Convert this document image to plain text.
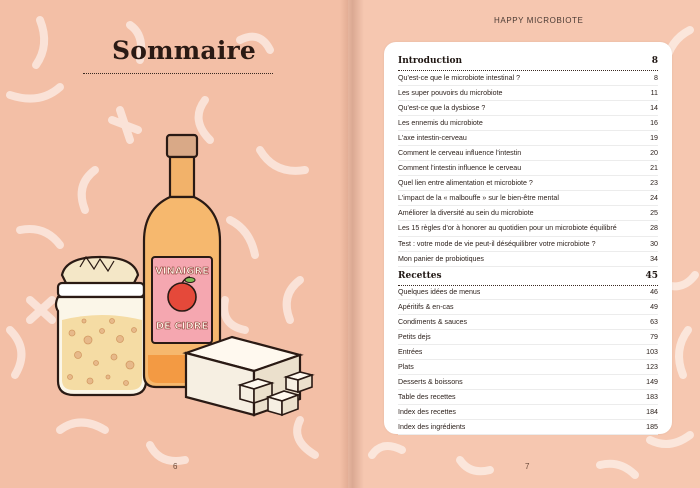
Sommaire
VINAIGRE
DE CIDRE
6
HAPPY MICROBIOTE
Introduction	8
Qu'est-ce que le microbiote intestinal ?	8
Les super pouvoirs du microbiote	11
Qu'est-ce que la dysbiose ?	14
Les ennemis du microbiote	16
L'axe intestin-cerveau	19
Comment le cerveau influence l'intestin	20
Comment l'intestin influence le cerveau	21
Quel lien entre alimentation et microbiote ?	23
L'impact de la « malbouffe » sur le bien-être mental	24
Améliorer la diversité au sein du microbiote	25
Les 15 règles d'or à honorer au quotidien pour un microbiote équilibré	28
Test : votre mode de vie peut-il déséquilibrer votre microbiote ?	30
Mon panier de probiotiques	34
Recettes	45
Quelques idées de menus	46
Apéritifs & en-cas	49
Condiments & sauces	63
Petits dejs	79
Entrées	103
Plats	123
Desserts & boissons	149
Table des recettes	183
Index des recettes	184
Index des ingrédients	185
7
